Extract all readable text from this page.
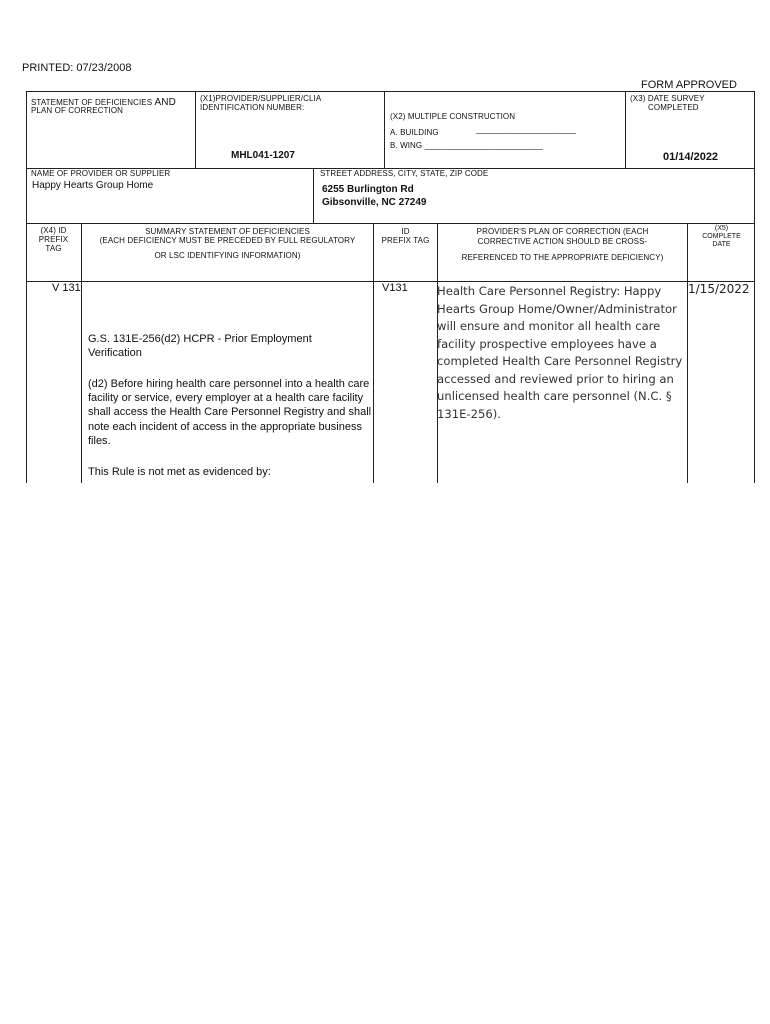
PRINTED: 07/23/2008
FORM APPROVED
STATEMENT OF DEFICIENCIES AND
PLAN OF CORRECTION
(X1)PROVIDER/SUPPLIER/CLIA
IDENTIFICATION NUMBER:
MHL041-1207
(X2) MULTIPLE CONSTRUCTION
A. BUILDING	______________________
B. WING __________________________
(X3) DATE SURVEY
COMPLETED
01/14/2022
NAME OF PROVIDER OR SUPPLIER
Happy Hearts Group Home
STREET ADDRESS, CITY, STATE, ZIP CODE
6255 Burlington Rd
Gibsonville, NC 27249
(X4) ID
PREFIX
TAG
SUMMARY STATEMENT OF DEFICIENCIES
(EACH DEFICIENCY MUST BE PRECEDED BY FULL REGULATORY
OR LSC IDENTIFYING INFORMATION)
ID
PREFIX TAG
PROVIDER'S PLAN OF CORRECTION (EACH
CORRECTIVE ACTION SHOULD BE CROSS-
REFERENCED TO THE APPROPRIATE DEFICIENCY)
(X5)
COMPLETE
DATE
V 131
G.S. 131E-256(d2) HCPR - Prior Employment Verification
(d2) Before hiring health care personnel into a health care facility or service, every employer at a health care facility shall access the Health Care Personnel Registry and shall note each incident of access in the appropriate business files.
This Rule is not met as evidenced by:
V131	Health Care Personnel Registry: Happy Hearts Group Home/Owner/Administrator will ensure and monitor all health care facility prospective employees have a completed Health Care Personnel Registry accessed and reviewed prior to hiring an unlicensed health care personnel (N.C. § 131E-256).
1/15/2022
